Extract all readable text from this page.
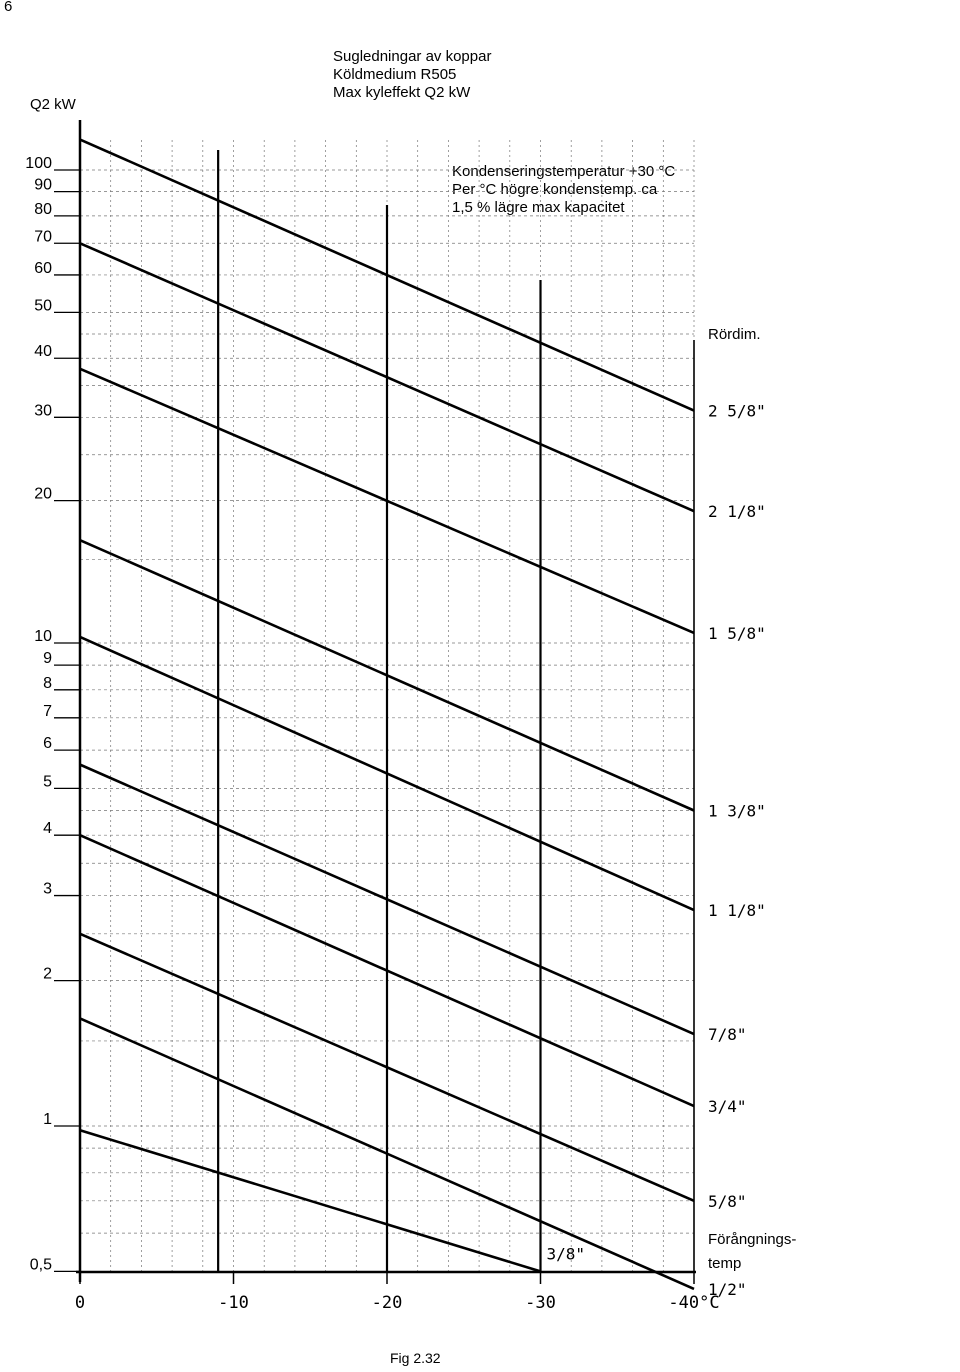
6
Sugledningar av koppar
Köldmedium R505
Max kyleffekt Q2 kW
Q2 kW
Kondenseringstemperatur +30 °C
Per °C högre kondenstemp. ca
1,5 % lägre max kapacitet
Rördim.
Förångnings-
temp
Fig 2.32
0,5
1
2
3
4
5
6
7
8
9
10
20
30
40
50
60
70
80
90
100
0	-10	-20	-30	-40°C
2 5/8"
2 1/8"
1 5/8"
1 3/8"
1 1/8"
7/8"
3/4"
5/8"
1/2"
3/8"
